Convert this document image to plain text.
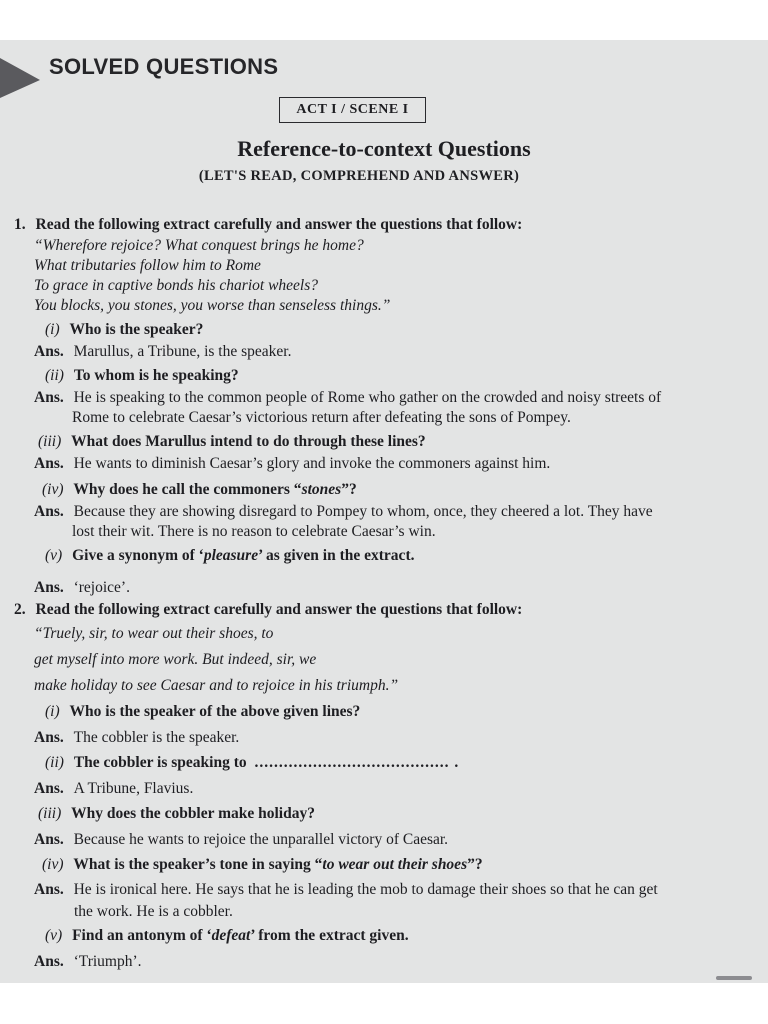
SOLVED QUESTIONS
ACT I / SCENE I
Reference-to-context Questions
(LET'S READ, COMPREHEND AND ANSWER)
1. Read the following extract carefully and answer the questions that follow:
“Wherefore rejoice? What conquest brings he home?
What tributaries follow him to Rome
To grace in captive bonds his chariot wheels?
You blocks, you stones, you worse than senseless things.”
(i) Who is the speaker?
Ans. Marullus, a Tribune, is the speaker.
(ii) To whom is he speaking?
Ans. He is speaking to the common people of Rome who gather on the crowded and noisy streets of
Rome to celebrate Caesar’s victorious return after defeating the sons of Pompey.
(iii) What does Marullus intend to do through these lines?
Ans. He wants to diminish Caesar’s glory and invoke the commoners against him.
(iv) Why does he call the commoners “stones”?
Ans. Because they are showing disregard to Pompey to whom, once, they cheered a lot. They have
lost their wit. There is no reason to celebrate Caesar’s win.
(v) Give a synonym of ‘pleasure’ as given in the extract.
Ans. ‘rejoice’.
2. Read the following extract carefully and answer the questions that follow:
“Truely, sir, to wear out their shoes, to
get myself into more work. But indeed, sir, we
make holiday to see Caesar and to rejoice in his triumph.”
(i) Who is the speaker of the above given lines?
Ans. The cobbler is the speaker.
(ii) The cobbler is speaking to ........................................ .
Ans. A Tribune, Flavius.
(iii) Why does the cobbler make holiday?
Ans. Because he wants to rejoice the unparallel victory of Caesar.
(iv) What is the speaker’s tone in saying “to wear out their shoes”?
Ans. He is ironical here. He says that he is leading the mob to damage their shoes so that he can get
the work. He is a cobbler.
(v) Find an antonym of ‘defeat’ from the extract given.
Ans. ‘Triumph’.
